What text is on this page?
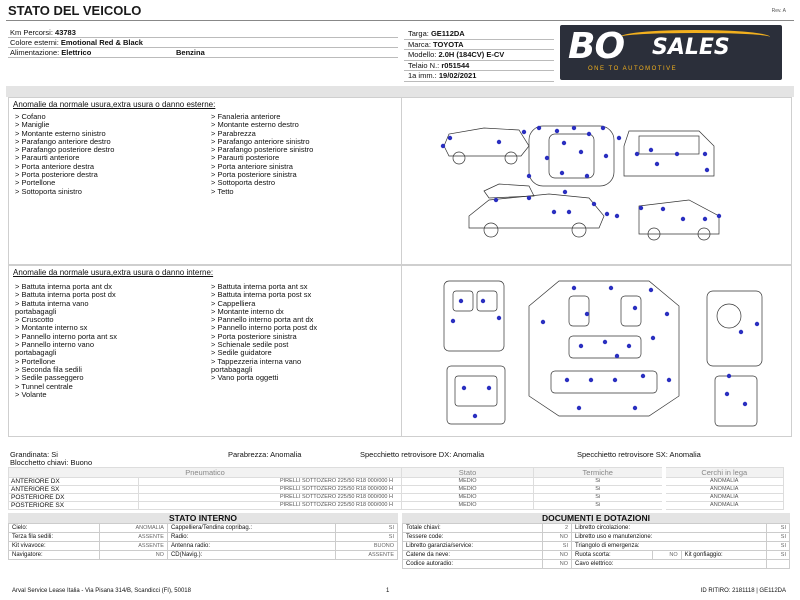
STATO DEL VEICOLO	Rev. A
Km Percorsi: 43783
Colore esterni: Emotional Red & Black
Alimentazione: Elettrico	Benzina
Targa: GE112DA
Marca: TOYOTA
Modello: 2.0H (184CV) E-CV
Telaio N.: r051544
1a imm.: 19/02/2021
BO SALES
ONE TO AUTOMOTIVE
Anomalie da normale usura,extra usura o danno esterne:
> Cofano
> Maniglie
> Montante esterno sinistro
> Parafango anteriore destro
> Parafango posteriore destro
> Paraurti anteriore
> Porta anteriore destra
> Porta posteriore destra
> Portellone
> Sottoporta sinistro
> Fanaleria anteriore
> Montante esterno destro
> Parabrezza
> Parafango anteriore sinistro
> Parafango posteriore sinistro
> Paraurti posteriore
> Porta anteriore sinistra
> Porta posteriore sinistra
> Sottoporta destro
> Tetto
Anomalie da normale usura,extra usura o danno interne:
> Battuta interna porta ant dx
> Battuta interna porta post dx
> Battuta interna vano
portabagagli
> Cruscotto
> Montante interno sx
> Pannello interno porta ant sx
> Pannello interno vano
portabagagli
> Portellone
> Seconda fila sedili
> Sedile passeggero
> Tunnel centrale
> Volante
> Battuta interna porta ant sx
> Battuta interna porta post sx
> Cappelliera
> Montante interno dx
> Pannello interno porta ant dx
> Pannello interno porta post dx
> Porta posteriore sinistra
> Schienale sedile post
> Sedile guidatore
> Tappezzeria interna vano
portabagagli
> Vano porta oggetti
Grandinata: Si	Parabrezza: Anomalia	Specchietto retrovisore DX: Anomalia	Specchietto retrovisore SX: Anomalia
Blocchetto chiavi: Buono
Pneumatico		Stato	Termiche	Cerchi in lega
ANTERIORE DX	PIRELLI SOTTOZERO 225/50 R18 000/000 H	MEDIO	Si	ANOMALIA
ANTERIORE SX	PIRELLI SOTTOZERO 225/50 R18 000/000 H	MEDIO	Si	ANOMALIA
POSTERIORE DX	PIRELLI SOTTOZERO 225/50 R18 000/000 H	MEDIO	Si	ANOMALIA
POSTERIORE SX	PIRELLI SOTTOZERO 225/50 R18 000/000 H	MEDIO	Si	ANOMALIA
STATO INTERNO
Cielo:	ANOMALIA	Cappelliera/Tendina copribag.:	SI
Terza fila sedili:	ASSENTE	Radio:	SI
Kit vivavoce:	ASSENTE	Antenna radio:	BUONO
Navigatore:	NO	CD(Navig.):	ASSENTE
DOCUMENTI E DOTAZIONI
Totale chiavi:	2	Libretto circolazione:			SI
Tessere code:	NO	Libretto uso e manutenzione:			SI
Libretto garanzia/service:	SI	Triangolo di emergenza:			SI
Catene da neve:	NO	Ruota scorta:	NO	Kit gonfiaggio:	SI
Codice autoradio:	NO	Cavo elettrico:			
Arval Service Lease Italia - Via Pisana 314/B, Scandicci (FI), 50018	1	ID RITIRO: 2181118 | GE112DA
